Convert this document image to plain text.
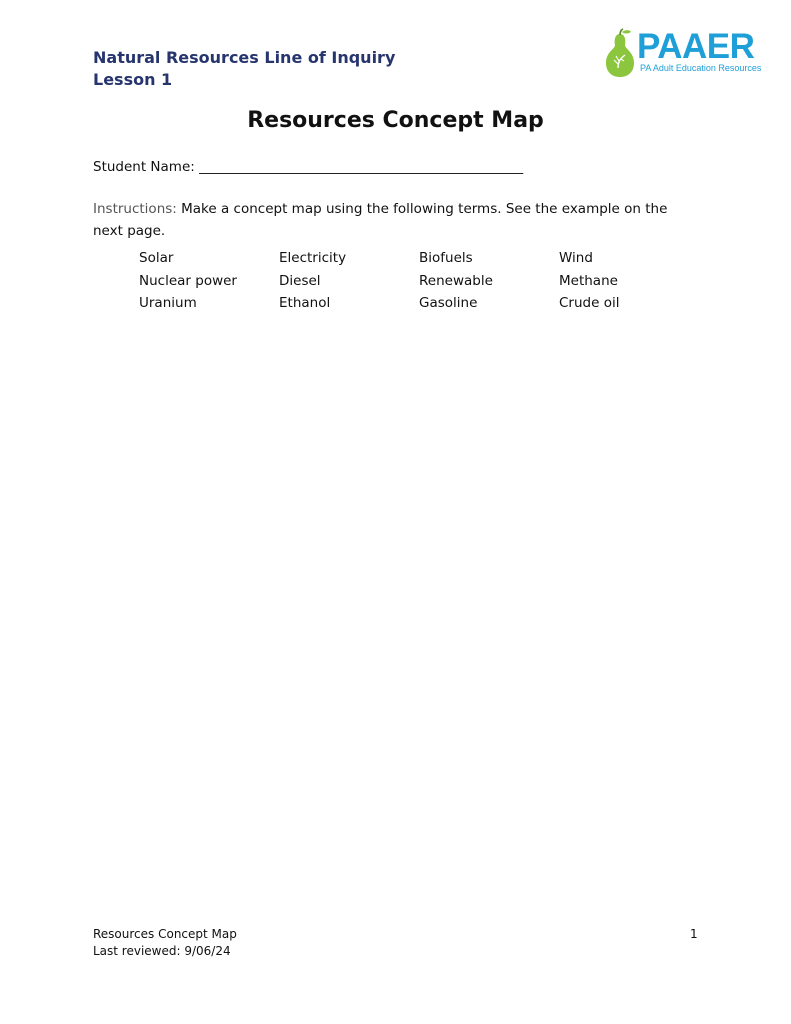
Natural Resources Line of Inquiry
Lesson 1
PAAER
PA Adult Education Resources
Resources Concept Map
Student Name: ________________________________________________
Instructions: Make a concept map using the following terms. See the example on the next page.
Solar	Electricity	Biofuels	Wind
Nuclear power	Diesel	Renewable	Methane
Uranium	Ethanol	Gasoline	Crude oil
Resources Concept Map
Last reviewed: 9/06/24
1
